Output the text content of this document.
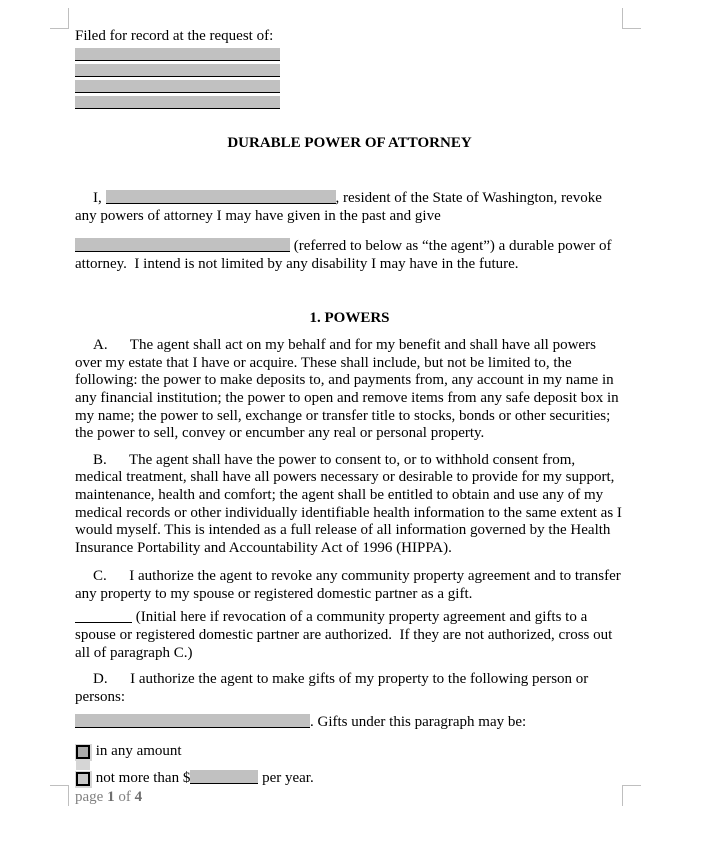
Filed for record at the request of:

DURABLE POWER OF ATTORNEY

I,	, resident of the State of Washington, revoke any powers of attorney I may have given in the past and give

(referred to below as “the agent”) a durable power of attorney.  I intend is not limited by any disability I may have in the future.

1. POWERS

A.      The agent shall act on my behalf and for my benefit and shall have all powers over my estate that I have or acquire. These shall include, but not be limited to, the following: the power to make deposits to, and payments from, any account in my name in any financial institution; the power to open and remove items from any safe deposit box in my name; the power to sell, exchange or transfer title to stocks, bonds or other securities; the power to sell, convey or encumber any real or personal property.

B.      The agent shall have the power to consent to, or to withhold consent from, medical treatment, shall have all powers necessary or desirable to provide for my support, maintenance, health and comfort; the agent shall be entitled to obtain and use any of my medical records or other individually identifiable health information to the same extent as I would myself. This is intended as a full release of all information governed by the Health Insurance Portability and Accountability Act of 1996 (HIPPA).

C.      I authorize the agent to revoke any community property agreement and to transfer any property to my spouse or registered domestic partner as a gift.

(Initial here if revocation of a community property agreement and gifts to a spouse or registered domestic partner are authorized.  If they are not authorized, cross out all of paragraph C.)

D.      I authorize the agent to make gifts of my property to the following person or persons:

. Gifts under this paragraph may be:

in any amount

not more than $	per year.

page 1 of 4
